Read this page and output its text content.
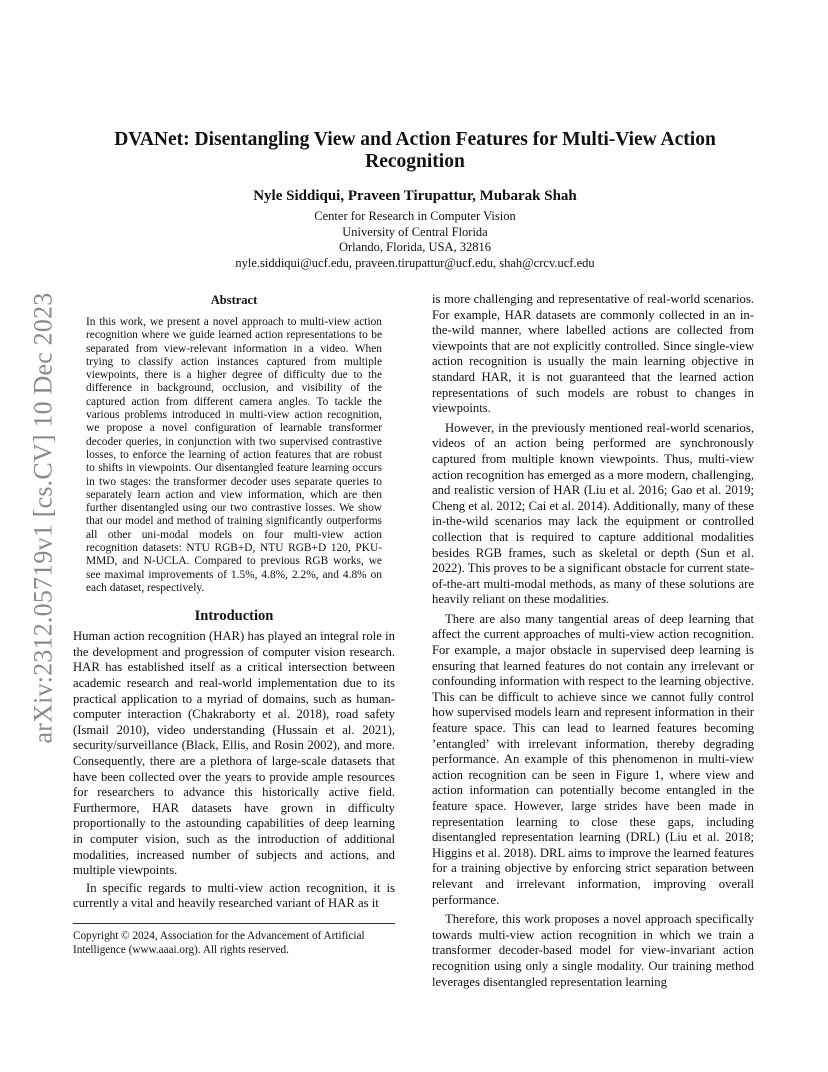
arXiv:2312.05719v1 [cs.CV] 10 Dec 2023
DVANet: Disentangling View and Action Features for Multi-View Action Recognition
Nyle Siddiqui, Praveen Tirupattur, Mubarak Shah
Center for Research in Computer Vision
University of Central Florida
Orlando, Florida, USA, 32816
nyle.siddiqui@ucf.edu, praveen.tirupattur@ucf.edu, shah@crcv.ucf.edu
Abstract
In this work, we present a novel approach to multi-view action recognition where we guide learned action representations to be separated from view-relevant information in a video. When trying to classify action instances captured from multiple viewpoints, there is a higher degree of difficulty due to the difference in background, occlusion, and visibility of the captured action from different camera angles. To tackle the various problems introduced in multi-view action recognition, we propose a novel configuration of learnable transformer decoder queries, in conjunction with two supervised contrastive losses, to enforce the learning of action features that are robust to shifts in viewpoints. Our disentangled feature learning occurs in two stages: the transformer decoder uses separate queries to separately learn action and view information, which are then further disentangled using our two contrastive losses. We show that our model and method of training significantly outperforms all other uni-modal models on four multi-view action recognition datasets: NTU RGB+D, NTU RGB+D 120, PKU-MMD, and N-UCLA. Compared to previous RGB works, we see maximal improvements of 1.5%, 4.8%, 2.2%, and 4.8% on each dataset, respectively.
Introduction
Human action recognition (HAR) has played an integral role in the development and progression of computer vision research. HAR has established itself as a critical intersection between academic research and real-world implementation due to its practical application to a myriad of domains, such as human-computer interaction (Chakraborty et al. 2018), road safety (Ismail 2010), video understanding (Hussain et al. 2021), security/surveillance (Black, Ellis, and Rosin 2002), and more. Consequently, there are a plethora of large-scale datasets that have been collected over the years to provide ample resources for researchers to advance this historically active field. Furthermore, HAR datasets have grown in difficulty proportionally to the astounding capabilities of deep learning in computer vision, such as the introduction of additional modalities, increased number of subjects and actions, and multiple viewpoints.
In specific regards to multi-view action recognition, it is currently a vital and heavily researched variant of HAR as it
is more challenging and representative of real-world scenarios. For example, HAR datasets are commonly collected in an in-the-wild manner, where labelled actions are collected from viewpoints that are not explicitly controlled. Since single-view action recognition is usually the main learning objective in standard HAR, it is not guaranteed that the learned action representations of such models are robust to changes in viewpoints.
However, in the previously mentioned real-world scenarios, videos of an action being performed are synchronously captured from multiple known viewpoints. Thus, multi-view action recognition has emerged as a more modern, challenging, and realistic version of HAR (Liu et al. 2016; Gao et al. 2019; Cheng et al. 2012; Cai et al. 2014). Additionally, many of these in-the-wild scenarios may lack the equipment or controlled collection that is required to capture additional modalities besides RGB frames, such as skeletal or depth (Sun et al. 2022). This proves to be a significant obstacle for current state-of-the-art multi-modal methods, as many of these solutions are heavily reliant on these modalities.
There are also many tangential areas of deep learning that affect the current approaches of multi-view action recognition. For example, a major obstacle in supervised deep learning is ensuring that learned features do not contain any irrelevant or confounding information with respect to the learning objective. This can be difficult to achieve since we cannot fully control how supervised models learn and represent information in their feature space. This can lead to learned features becoming ’entangled’ with irrelevant information, thereby degrading performance. An example of this phenomenon in multi-view action recognition can be seen in Figure 1, where view and action information can potentially become entangled in the feature space. However, large strides have been made in representation learning to close these gaps, including disentangled representation learning (DRL) (Liu et al. 2018; Higgins et al. 2018). DRL aims to improve the learned features for a training objective by enforcing strict separation between relevant and irrelevant information, improving overall performance.
Therefore, this work proposes a novel approach specifically towards multi-view action recognition in which we train a transformer decoder-based model for view-invariant action recognition using only a single modality. Our training method leverages disentangled representation learning
Copyright © 2024, Association for the Advancement of Artificial Intelligence (www.aaai.org). All rights reserved.
